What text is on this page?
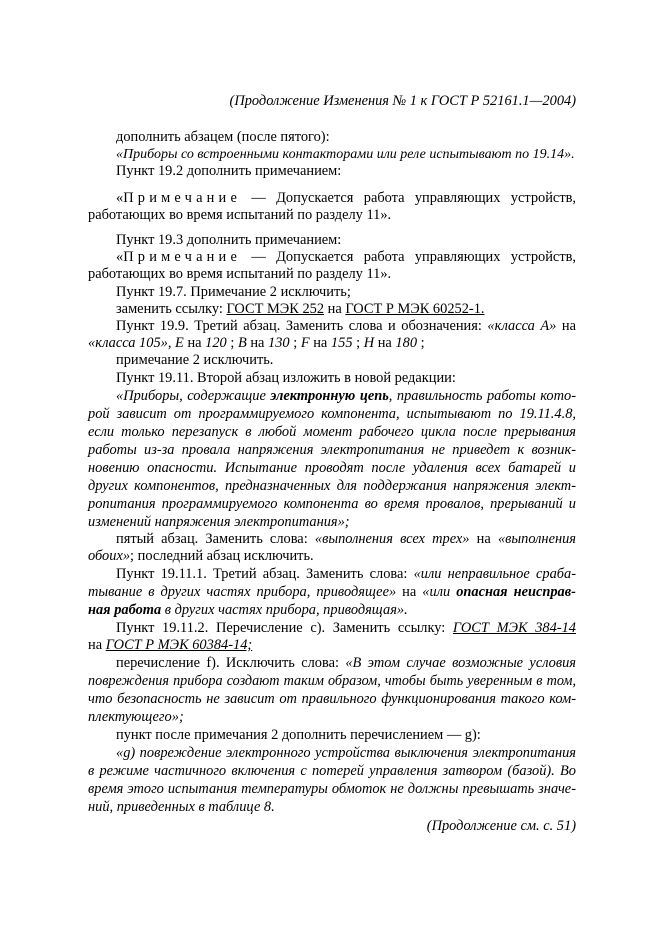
(Продолжение Изменения № 1 к ГОСТ Р 52161.1—2004)
дополнить абзацем (после пятого):
«Приборы со встроенными контакторами или реле испытывают по 19.14».
Пункт 19.2 дополнить примечанием:
«Примечание — Допускается работа управляющих устройств,
работающих во время испытаний по разделу 11».
Пункт 19.3 дополнить примечанием:
«Примечание — Допускается работа управляющих устройств,
работающих во время испытаний по разделу 11».
Пункт 19.7. Примечание 2 исключить;
заменить ссылку: ГОСТ МЭК 252 на ГОСТ Р МЭК 60252-1.
Пункт 19.9. Третий абзац. Заменить слова и обозначения: «класса А» на
«класса 105», Е на 120 ; В на 130 ; F на 155 ; Н на 180 ;
примечание 2 исключить.
Пункт 19.11. Второй абзац изложить в новой редакции:
«Приборы, содержащие электронную цепь, правильность работы кото-
рой зависит от программируемого компонента, испытывают по 19.11.4.8,
если только перезапуск в любой момент рабочего цикла после прерывания
работы из-за провала напряжения электропитания не приведет к возник-
новению опасности. Испытание проводят после удаления всех батарей и
других компонентов, предназначенных для поддержания напряжения элект-
ропитания программируемого компонента во время провалов, прерываний и
изменений напряжения электропитания»;
пятый абзац. Заменить слова: «выполнения всех трех» на «выполнения
обоих»; последний абзац исключить.
Пункт 19.11.1. Третий абзац. Заменить слова: «или неправильное сраба-
тывание в других частях прибора, приводящее» на «или опасная неисправ-
ная работа в других частях прибора, приводящая».
Пункт 19.11.2. Перечисление с). Заменить ссылку: ГОСТ МЭК 384-14
на ГОСТ Р МЭК 60384-14;
перечисление f). Исключить слова: «В этом случае возможные условия
повреждения прибора создают таким образом, чтобы быть уверенным в том,
что безопасность не зависит от правильного функционирования такого ком-
плектующего»;
пункт после примечания 2 дополнить перечислением — g):
«g) повреждение электронного устройства выключения электропитания
в режиме частичного включения с потерей управления затвором (базой). Во
время этого испытания температуры обмоток не должны превышать значе-
ний, приведенных в таблице 8.
(Продолжение см. с. 51)
